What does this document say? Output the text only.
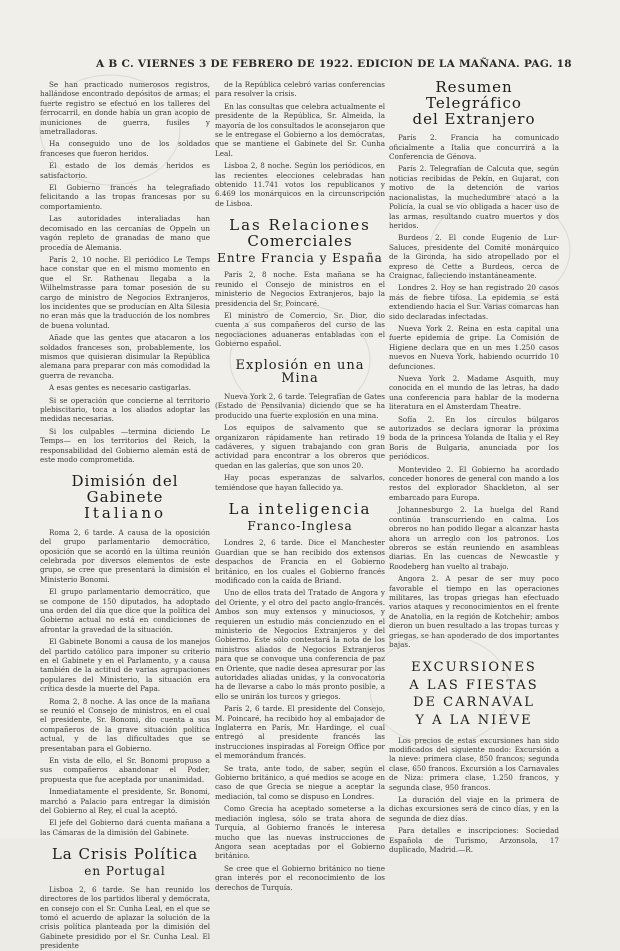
A B C. VIERNES 3 DE FEBRERO DE 1922. EDICION DE LA MAÑANA. PAG. 18

Se han practicado numerosos registros, hallándose encontrado depósitos de armas; el fuerte registro se efectuó en los talleres del ferrocarril, en donde había un gran acopio de municiones de guerra, fusiles y ametralladoras.

Ha conseguido uno de los soldados franceses que fueron heridos.

El estado de los demás heridos es satisfactorio.

El Gobierno francés ha telegrafiado felicitando a las tropas francesas por su comportamiento.

Las autoridades interaliadas han decomisado en las cercanías de Oppeln un vagón repleto de granadas de mano que procedía de Alemania.

París 2, 10 noche. El periódico Le Temps hace constar que en el mismo momento en que el Sr. Rathenau llegaba a la Wilhelmstrasse para tomar posesión de su cargo de ministro de Negocios Extranjeros, los incidentes que se producían en Alta Silesia no eran más que la traducción de los nombres de buena voluntad.

Añade que las gentes que atacaron a los soldados franceses son, probablemente, los mismos que quisieran disimular la República alemana para preparar con más comodidad la guerra de revancha.

A esas gentes es necesario castigarlas.

Si se operación que concierne al territorio plebiscitario, toca a los aliados adoptar las medidas necesarias.

Si los culpables —termina diciendo Le Temps— en los territorios del Reich, la responsabilidad del Gobierno alemán está de este modo comprometida.

Dimisión del Gabinete
Italiano

Roma 2, 6 tarde. A causa de la oposición del grupo parlamentario democrático, oposición que se acordó en la última reunión celebrada por diversos elementos de este grupo, se cree que presentará la dimisión el Ministerio Bonomi.

El grupo parlamentario democrático, que se compone de 150 diputados, ha adoptado una orden del día que dice que la política del Gobierno actual no está en condiciones de afrontar la gravedad de la situación.

El Gabinete Bonomi a causa de los manejos del partido católico para imponer su criterio en el Gabinete y en el Parlamento, y a causa también de la actitud de varias agrupaciones populares del Ministerio, la situación era crítica desde la muerte del Papa.

Roma 2, 8 noche. A las once de la mañana se reunió el Consejo de ministros, en el cual el presidente, Sr. Bonomi, dio cuenta a sus compañeros de la grave situación política actual, y de las dificultades que se presentaban para el Gobierno.

En vista de ello, el Sr. Bonomi propuso a sus compañeros abandonar el Poder, propuesta que fue aceptada por unanimidad.

Inmediatamente el presidente, Sr. Bonomi, marchó a Palacio para entregar la dimisión del Gobierno al Rey, el cual la aceptó.

El jefe del Gobierno dará cuenta mañana a las Cámaras de la dimisión del Gabinete.

La Crisis Política
en Portugal

Lisboa 2, 6 tarde. Se han reunido los directores de los partidos liberal y demócrata, en consejo con el Sr. Cunha Leal, en el que se tomó el acuerdo de aplazar la solución de la crisis política planteada por la dimisión del Gabinete presidido por el Sr. Cunha Leal. El presidente

de la República celebró varias conferencias para resolver la crisis.

En las consultas que celebra actualmente el presidente de la República, Sr. Almeida, la mayoría de los consultados le aconsejaron que se le entregase el Gobierno a los demócratas, que se mantiene el Gabinete del Sr. Cunha Leal.

Lisboa 2, 8 noche. Según los periódicos, en las recientes elecciones celebradas han obtenido 11.741 votos los republicanos y 6.469 los monárquicos en la circunscripción de Lisboa.

Las Relaciones
Comerciales

Entre Francia y España

París 2, 8 noche. Esta mañana se ha reunido el Consejo de ministros en el ministerio de Negocios Extranjeros, bajo la presidencia del Sr. Poincaré.

El ministro de Comercio, Sr. Dior, dio cuenta a sus compañeros del curso de las negociaciones aduaneras entabladas con el Gobierno español.

Explosión en una Mina

Nueva York 2, 6 tarde. Telegrafían de Gates (Estado de Pensilvania) diciendo que se ha producido una fuerte explosión en una mina.

Los equipos de salvamento que se organizaron rápidamente han retirado 19 cadáveres, y siguen trabajando con gran actividad para encontrar a los obreros que quedan en las galerías, que son unos 20.

Hay pocas esperanzas de salvarlos, temiéndose que hayan fallecido ya.

La inteligencia

Franco-Inglesa

Londres 2, 6 tarde. Dice el Manchester Guardian que se han recibido dos extensos despachos de Francia en el Gobierno británico, en los cuales el Gobierno francés modificado con la caída de Briand.

Uno de ellos trata del Tratado de Angora y del Oriente, y el otro del pacto anglo-francés. Ambos son muy extensos y minuciosos, y requieren un estudio más concienzudo en el ministerio de Negocios Extranjeros y del Gobierno. Este sólo contestará la nota de los ministros aliados de Negocios Extranjeros para que se convoque una conferencia de paz en Oriente, que nadie desea apresurar por las autoridades aliadas unidas, y la convocatoria ha de llevarse a cabo lo más pronto posible, a ello se unirán los turcos y griegos.

París 2, 6 tarde. El presidente del Consejo, M. Poincaré, ha recibido hoy al embajador de Inglaterra en París, Mr. Hardinge, el cual entregó al presidente francés las instrucciones inspiradas al Foreign Office por el memorándum francés.

Se trata, ante todo, de saber, según el Gobierno británico, a qué medios se acoge en caso de que Grecia se niegue a aceptar la mediación, tal como se dispuso en Londres.

Como Grecia ha aceptado someterse a la mediación inglesa, sólo se trata ahora de Turquía, al Gobierno francés le interesa mucho que las nuevas instrucciones de Angora sean aceptadas por el Gobierno británico.

Se cree que el Gobierno británico no tiene gran interés por el reconocimiento de los derechos de Turquía.

Resumen Telegráfico
del Extranjero

París 2. Francia ha comunicado oficialmente a Italia que concurrirá a la Conferencia de Génova.

París 2. Telegrafían de Calcuta que, según noticias recibidas de Pekín, en Gujarat, con motivo de la detención de varios nacionalistas, la muchedumbre atacó a la Policía, la cual se vio obligada a hacer uso de las armas, resultando cuatro muertos y dos heridos.

Burdeos 2. El conde Eugenio de Lur-Saluces, presidente del Comité monárquico de la Gironda, ha sido atropellado por el expreso de Cette a Burdeos, cerca de Craignac, falleciendo instantáneamente.

Londres 2. Hoy se han registrado 20 casos más de fiebre tifosa. La epidemia se está extendiendo hacia el Sur. Varias comarcas han sido declaradas infectadas.

Nueva York 2. Reina en esta capital una fuerte epidemia de gripe. La Comisión de Higiene declara que en un mes 1.250 casos nuevos en Nueva York, habiendo ocurrido 10 defunciones.

Nueva York 2. Madame Asquith, muy conocida en el mundo de las letras, ha dado una conferencia para hablar de la moderna literatura en el Amsterdam Theatre.

Sofía 2. En los círculos búlgaros autorizados se declara ignorar la próxima boda de la princesa Yolanda de Italia y el Rey Boris de Bulgaria, anunciada por los periódicos.

Montevideo 2. El Gobierno ha acordado conceder honores de general con mando a los restos del explorador Shackleton, al ser embarcado para Europa.

Johannesburgo 2. La huelga del Rand continúa transcurriendo en calma. Los obreros no han podido llegar a alcanzar hasta ahora un arreglo con los patronos. Los obreros se están reuniendo en asambleas diarias. En las cuencas de Newcastle y Roodeberg han vuelto al trabajo.

Angora 2. A pesar de ser muy poco favorable el tiempo en las operaciones militares, las tropas griegas han efectuado varios ataques y reconocimientos en el frente de Anatolia, en la región de Kotchehir; ambos dieron un buen resultado a las tropas turcas y griegas, se han apoderado de dos importantes bajas.

EXCURSIONES
A LAS FIESTAS
DE CARNAVAL
Y A LA NIEVE

Los precios de estas excursiones han sido modificados del siguiente modo: Excursión a la nieve: primera clase, 850 francos; segunda clase, 650 francos. Excursión a los Carnavales de Niza: primera clase, 1.250 francos, y segunda clase, 950 francos.

La duración del viaje en la primera de dichas excursiones será de cinco días, y en la segunda de diez días.

Para detalles e inscripciones: Sociedad Española de Turismo, Arzonsola, 17 duplicado, Madrid.—R.
